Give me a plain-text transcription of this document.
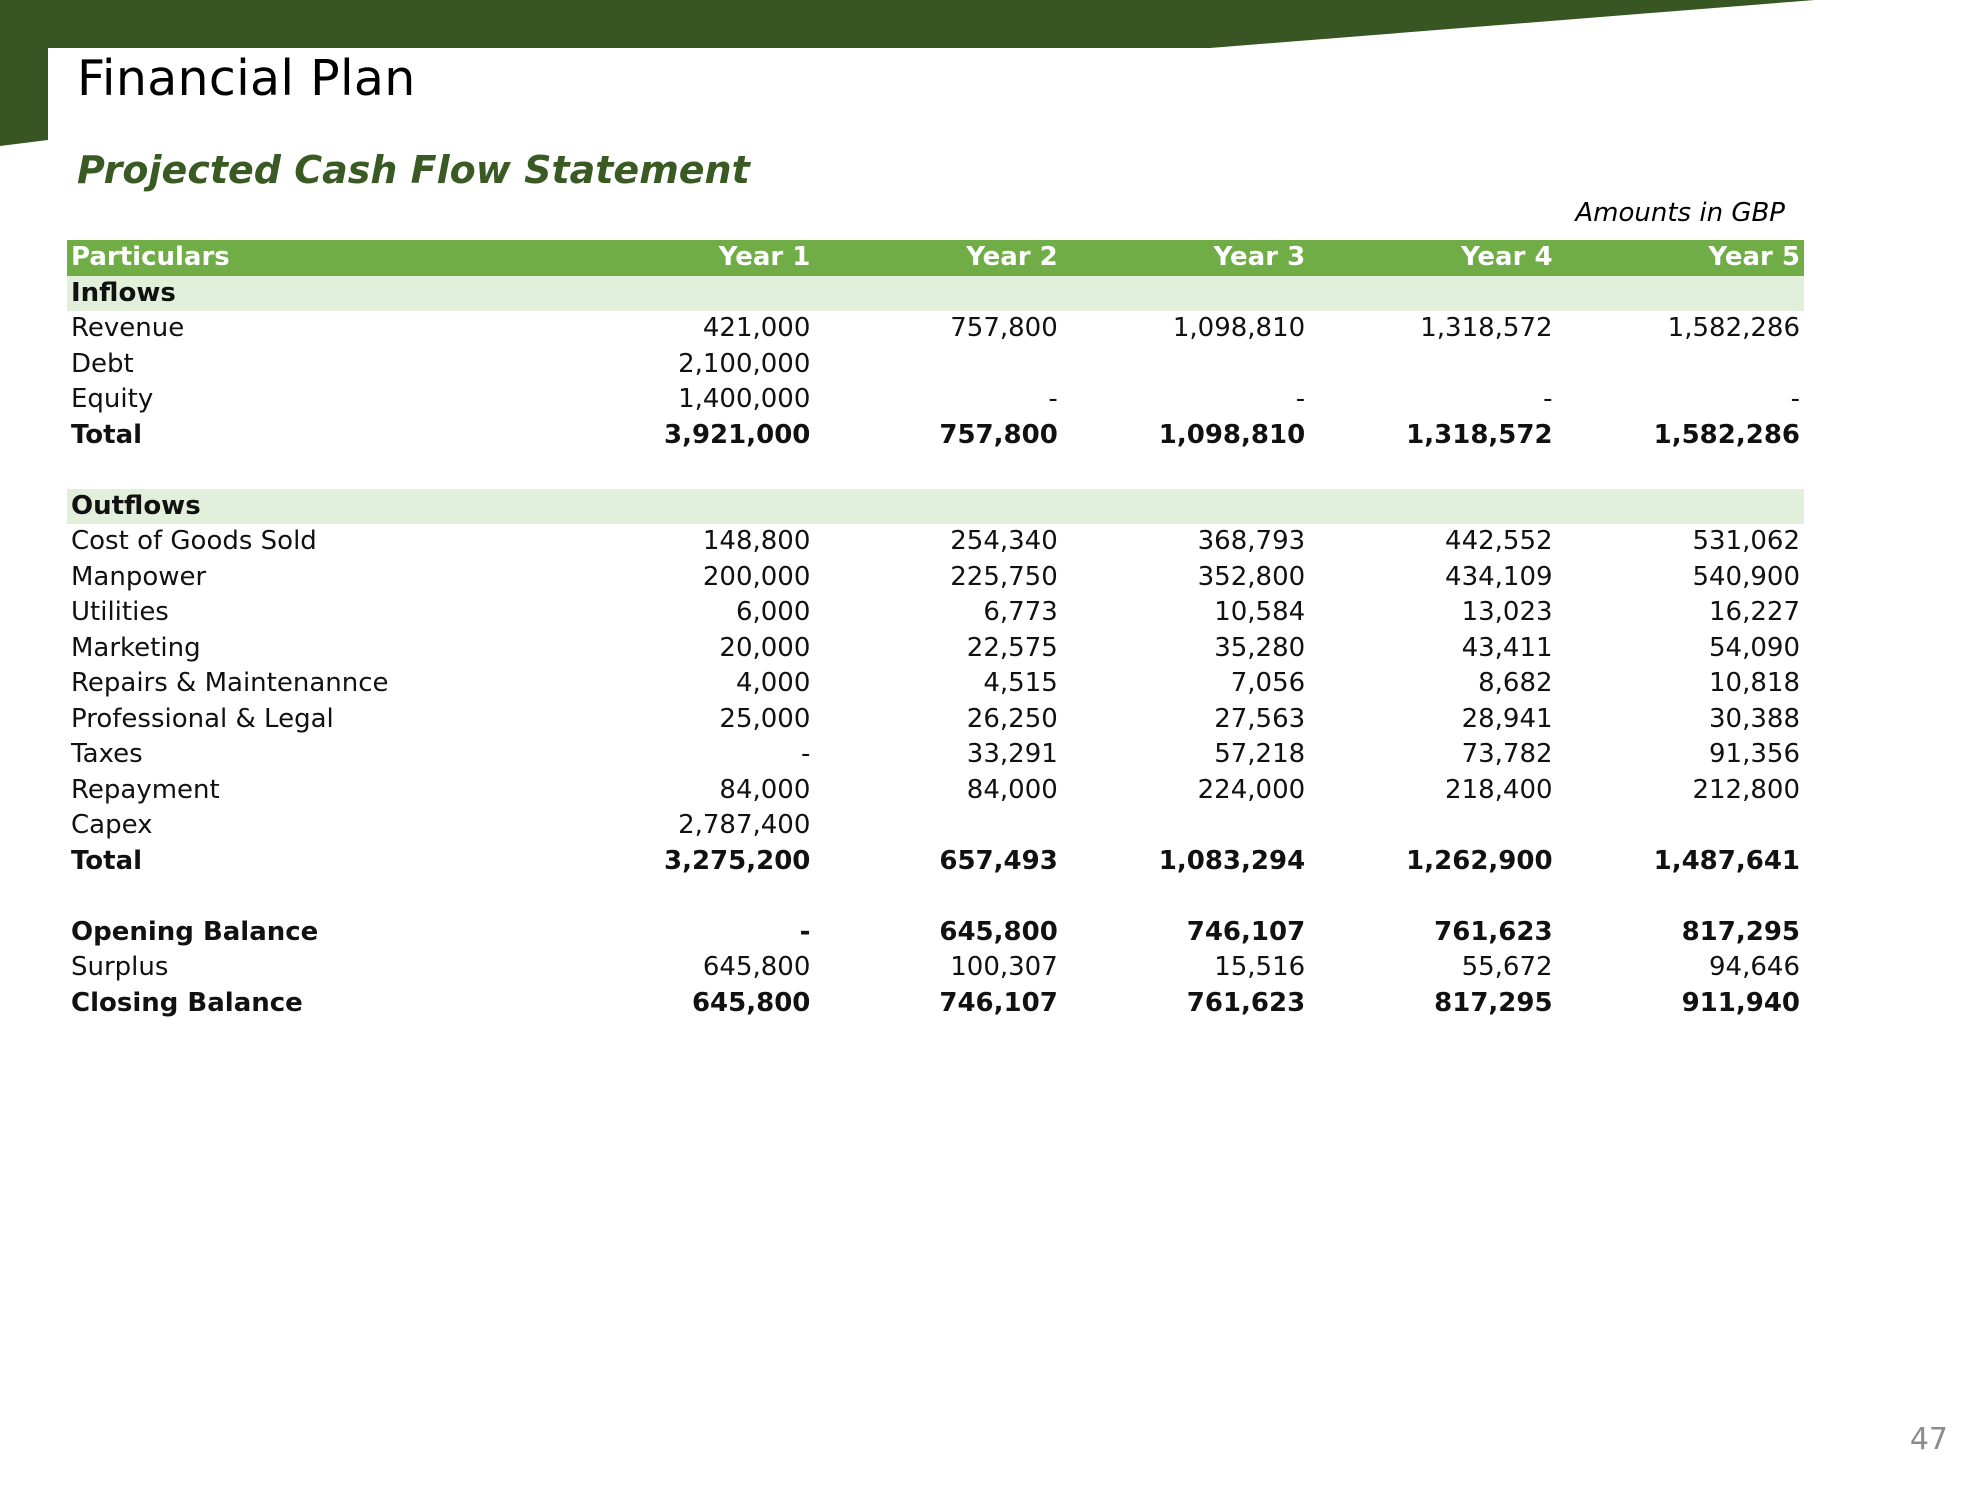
Financial Plan
Projected Cash Flow Statement
Amounts in GBP
Particulars	Year 1	Year 2	Year 3	Year 4	Year 5
Inflows					
Revenue	421,000	757,800	1,098,810	1,318,572	1,582,286
Debt	2,100,000				
Equity	1,400,000	-	-	-	-
Total	3,921,000	757,800	1,098,810	1,318,572	1,582,286

Outflows					
Cost of Goods Sold	148,800	254,340	368,793	442,552	531,062
Manpower	200,000	225,750	352,800	434,109	540,900
Utilities	6,000	6,773	10,584	13,023	16,227
Marketing	20,000	22,575	35,280	43,411	54,090
Repairs & Maintenannce	4,000	4,515	7,056	8,682	10,818
Professional & Legal	25,000	26,250	27,563	28,941	30,388
Taxes	-	33,291	57,218	73,782	91,356
Repayment	84,000	84,000	224,000	218,400	212,800
Capex	2,787,400				
Total	3,275,200	657,493	1,083,294	1,262,900	1,487,641

Opening Balance	-	645,800	746,107	761,623	817,295
Surplus	645,800	100,307	15,516	55,672	94,646
Closing Balance	645,800	746,107	761,623	817,295	911,940
47
